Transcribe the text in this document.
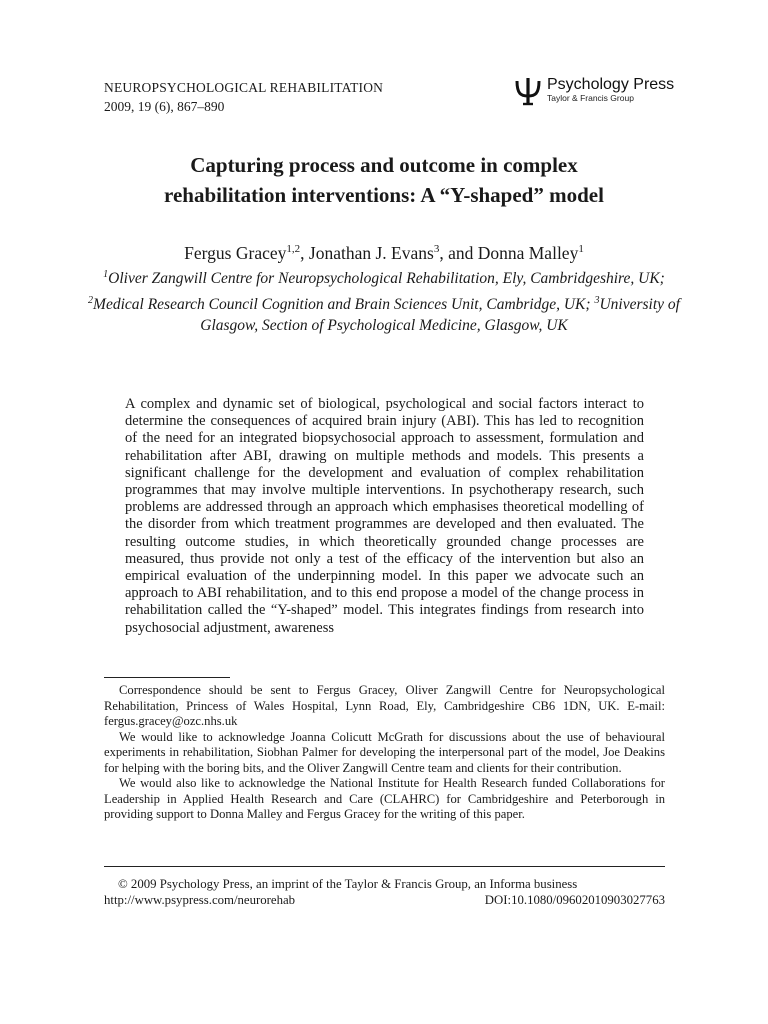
NEUROPSYCHOLOGICAL REHABILITATION
2009, 19 (6), 867–890
Psychology Press
Taylor & Francis Group
Capturing process and outcome in complex
rehabilitation interventions: A “Y-shaped” model
Fergus Gracey$^{1,2}$, Jonathan J. Evans$^3$, and Donna Malley$^1$
$^1$Oliver Zangwill Centre for Neuropsychological Rehabilitation, Ely, Cambridgeshire, UK; $^2$Medical Research Council Cognition and Brain Sciences Unit, Cambridge, UK; $^3$University of Glasgow, Section of Psychological Medicine, Glasgow, UK
A complex and dynamic set of biological, psychological and social factors interact to determine the consequences of acquired brain injury (ABI). This has led to recognition of the need for an integrated biopsychosocial approach to assessment, formulation and rehabilitation after ABI, drawing on multiple methods and models. This presents a significant challenge for the development and evaluation of complex rehabilitation programmes that may involve multiple interventions. In psychotherapy research, such problems are addressed through an approach which emphasises theoretical modelling of the disorder from which treatment programmes are developed and then evaluated. The resulting outcome studies, in which theoretically grounded change processes are measured, thus provide not only a test of the efficacy of the intervention but also an empirical evaluation of the underpinning model. In this paper we advocate such an approach to ABI rehabilitation, and to this end propose a model of the change process in rehabilitation called the “Y-shaped” model. This integrates findings from research into psychosocial adjustment, awareness

Correspondence should be sent to Fergus Gracey, Oliver Zangwill Centre for Neuropsychological Rehabilitation, Princess of Wales Hospital, Lynn Road, Ely, Cambridgeshire CB6 1DN, UK. E-mail: fergus.gracey@ozc.nhs.uk

We would like to acknowledge Joanna Colicutt McGrath for discussions about the use of behavioural experiments in rehabilitation, Siobhan Palmer for developing the interpersonal part of the model, Joe Deakins for helping with the boring bits, and the Oliver Zangwill Centre team and clients for their contribution.

We would also like to acknowledge the National Institute for Health Research funded Collaborations for Leadership in Applied Health Research and Care (CLAHRC) for Cambridgeshire and Peterborough in providing support to Donna Malley and Fergus Gracey for the writing of this paper.

© 2009 Psychology Press, an imprint of the Taylor & Francis Group, an Informa business
http://www.psypress.com/neurorehab	DOI:10.1080/09602010903027763
